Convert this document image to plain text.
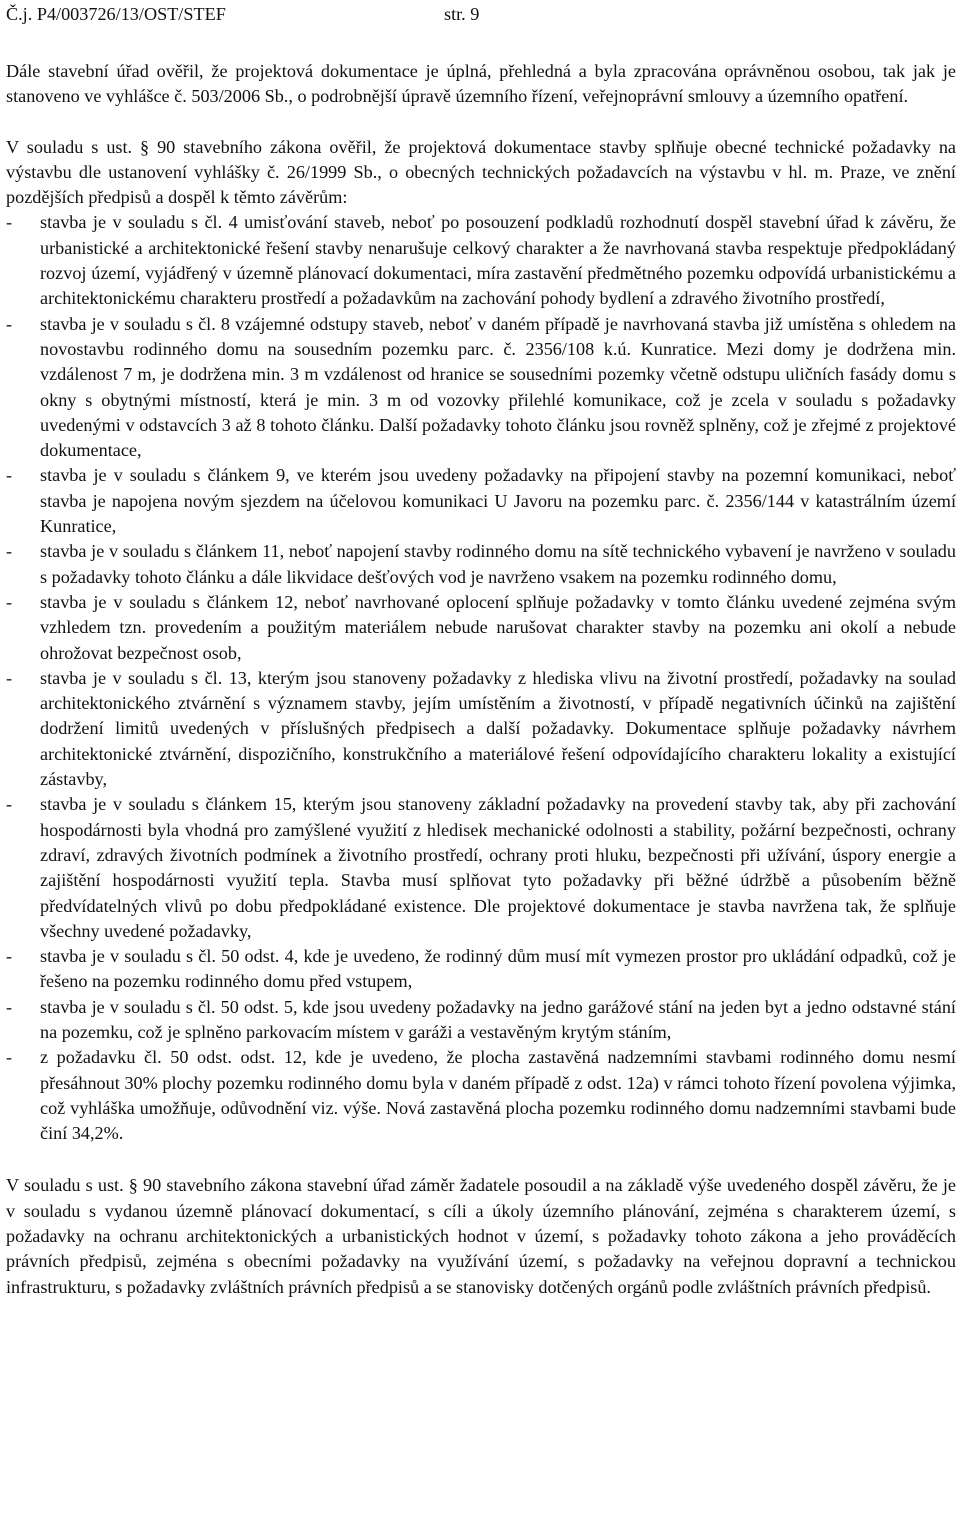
Č.j. P4/003726/13/OST/STEF	str. 9

Dále stavební úřad ověřil, že projektová dokumentace je úplná, přehledná a byla zpracována oprávněnou osobou, tak jak je stanoveno ve vyhlášce č. 503/2006 Sb., o podrobnější úpravě územního řízení, veřejnoprávní smlouvy a územního opatření.

V souladu s ust. § 90 stavebního zákona ověřil, že projektová dokumentace stavby splňuje obecné technické požadavky na výstavbu dle ustanovení vyhlášky č. 26/1999 Sb., o obecných technických požadavcích na výstavbu v hl. m. Praze, ve znění pozdějších předpisů a dospěl k těmto závěrům:

- stavba je v souladu s čl. 4 umisťování staveb, neboť po posouzení podkladů rozhodnutí dospěl stavební úřad k závěru, že urbanistické a architektonické řešení stavby nenarušuje celkový charakter a že navrhovaná stavba respektuje předpokládaný rozvoj území, vyjádřený v územně plánovací dokumentaci, míra zastavění předmětného pozemku odpovídá urbanistickému a architektonickému charakteru prostředí a požadavkům na zachování pohody bydlení a zdravého životního prostředí,
- stavba je v souladu s čl. 8 vzájemné odstupy staveb, neboť v daném případě je navrhovaná stavba již umístěna s ohledem na novostavbu rodinného domu na sousedním pozemku parc. č. 2356/108 k.ú. Kunratice. Mezi domy je dodržena min. vzdálenost 7 m, je dodržena min. 3 m vzdálenost od hranice se sousedními pozemky včetně odstupu uličních fasády domu s okny s obytnými místností, která je min. 3 m od vozovky přilehlé komunikace, což je zcela v souladu s požadavky uvedenými v odstavcích 3 až 8 tohoto článku. Další požadavky tohoto článku jsou rovněž splněny, což je zřejmé z projektové dokumentace,
- stavba je v souladu s článkem 9, ve kterém jsou uvedeny požadavky na připojení stavby na pozemní komunikaci, neboť stavba je napojena novým sjezdem na účelovou komunikaci U Javoru na pozemku parc. č. 2356/144 v katastrálním území Kunratice,
- stavba je v souladu s článkem 11, neboť napojení stavby rodinného domu na sítě technického vybavení je navrženo v souladu s požadavky tohoto článku a dále likvidace dešťových vod je navrženo vsakem na pozemku rodinného domu,
- stavba je v souladu s článkem 12, neboť navrhované oplocení splňuje požadavky v tomto článku uvedené zejména svým vzhledem tzn. provedením a použitým materiálem nebude narušovat charakter stavby na pozemku ani okolí a nebude ohrožovat bezpečnost osob,
- stavba je v souladu s čl. 13, kterým jsou stanoveny požadavky z hlediska vlivu na životní prostředí, požadavky na soulad architektonického ztvárnění s významem stavby, jejím umístěním a životností, v případě negativních účinků na zajištění dodržení limitů uvedených v příslušných předpisech a další požadavky. Dokumentace splňuje požadavky návrhem architektonické ztvárnění, dispozičního, konstrukčního a materiálové řešení odpovídajícího charakteru lokality a existující zástavby,
- stavba je v souladu s článkem 15, kterým jsou stanoveny základní požadavky na provedení stavby tak, aby při zachování hospodárnosti byla vhodná pro zamýšlené využití z hledisek mechanické odolnosti a stability, požární bezpečnosti, ochrany zdraví, zdravých životních podmínek a životního prostředí, ochrany proti hluku, bezpečnosti při užívání, úspory energie a zajištění hospodárnosti využití tepla. Stavba musí splňovat tyto požadavky při běžné údržbě a působením běžně předvídatelných vlivů po dobu předpokládané existence. Dle projektové dokumentace je stavba navržena tak, že splňuje všechny uvedené požadavky,
- stavba je v souladu s čl. 50 odst. 4, kde je uvedeno, že rodinný dům musí mít vymezen prostor pro ukládání odpadků, což je řešeno na pozemku rodinného domu před vstupem,
- stavba je v souladu s čl. 50 odst. 5, kde jsou uvedeny požadavky na jedno garážové stání na jeden byt a jedno odstavné stání na pozemku, což je splněno parkovacím místem v garáži a vestavěným krytým stáním,
- z požadavku čl. 50 odst. odst. 12, kde je uvedeno, že plocha zastavěná nadzemními stavbami rodinného domu nesmí přesáhnout 30% plochy pozemku rodinného domu byla v daném případě z odst. 12a) v rámci tohoto řízení povolena výjimka, což vyhláška umožňuje, odůvodnění viz. výše. Nová zastavěná plocha pozemku rodinného domu nadzemními stavbami bude činí 34,2%.

V souladu s ust. § 90 stavebního zákona stavební úřad záměr žadatele posoudil a na základě výše uvedeného dospěl závěru, že je v souladu s vydanou územně plánovací dokumentací, s cíli a úkoly územního plánování, zejména s charakterem území, s požadavky na ochranu architektonických a urbanistických hodnot v území, s požadavky tohoto zákona a jeho prováděcích právních předpisů, zejména s obecními požadavky na využívání území, s požadavky na veřejnou dopravní a technickou infrastrukturu, s požadavky zvláštních právních předpisů a se stanovisky dotčených orgánů podle zvláštních právních předpisů.
